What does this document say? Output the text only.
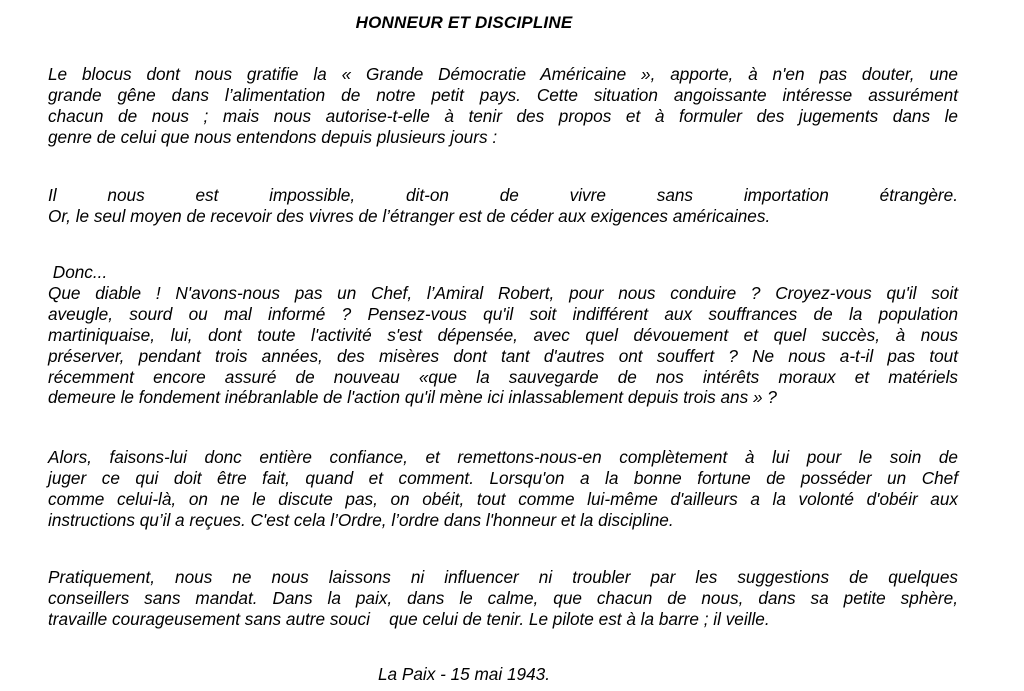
HONNEUR ET DISCIPLINE
Le blocus dont nous gratifie la « Grande Démocratie Américaine », apporte, à n'en pas douter, une
grande gêne dans l’alimentation de notre petit pays. Cette situation angoissante intéresse assurément
chacun de nous ; mais nous autorise-t-elle à tenir des propos et à formuler des jugements dans le
genre de celui que nous entendons depuis plusieurs jours :
Il nous est impossible, dit-on de vivre sans importation étrangère.
Or, le seul moyen de recevoir des vivres de l’étranger est de céder aux exigences américaines.
Donc...
Que diable ! N'avons-nous pas un Chef, l’Amiral Robert, pour nous conduire ? Croyez-vous qu'il soit
aveugle, sourd ou mal informé ? Pensez-vous qu'il soit indifférent aux souffrances de la population
martiniquaise, lui, dont toute l'activité s'est dépensée, avec quel dévouement et quel succès, à nous
préserver, pendant trois années, des misères dont tant d'autres ont souffert ? Ne nous a-t-il pas tout
récemment encore assuré de nouveau «que la sauvegarde de nos intérêts moraux et matériels
demeure le fondement inébranlable de l'action qu'il mène ici inlassablement depuis trois ans » ?
Alors, faisons-lui donc entière confiance, et remettons-nous-en complètement à lui pour le soin de
juger ce qui doit être fait, quand et comment. Lorsqu'on a la bonne fortune de posséder un Chef
comme celui-là, on ne le discute pas, on obéit, tout comme lui-même d'ailleurs a la volonté d'obéir aux
instructions qu’il a reçues. C'est cela l’Ordre, l’ordre dans l'honneur et la discipline.
Pratiquement, nous ne nous laissons ni influencer ni troubler par les suggestions de quelques
conseillers sans mandat. Dans la paix, dans le calme, que chacun de nous, dans sa petite sphère,
travaille courageusement sans autre souci    que celui de tenir. Le pilote est à la barre ; il veille.
La Paix - 15 mai 1943.
